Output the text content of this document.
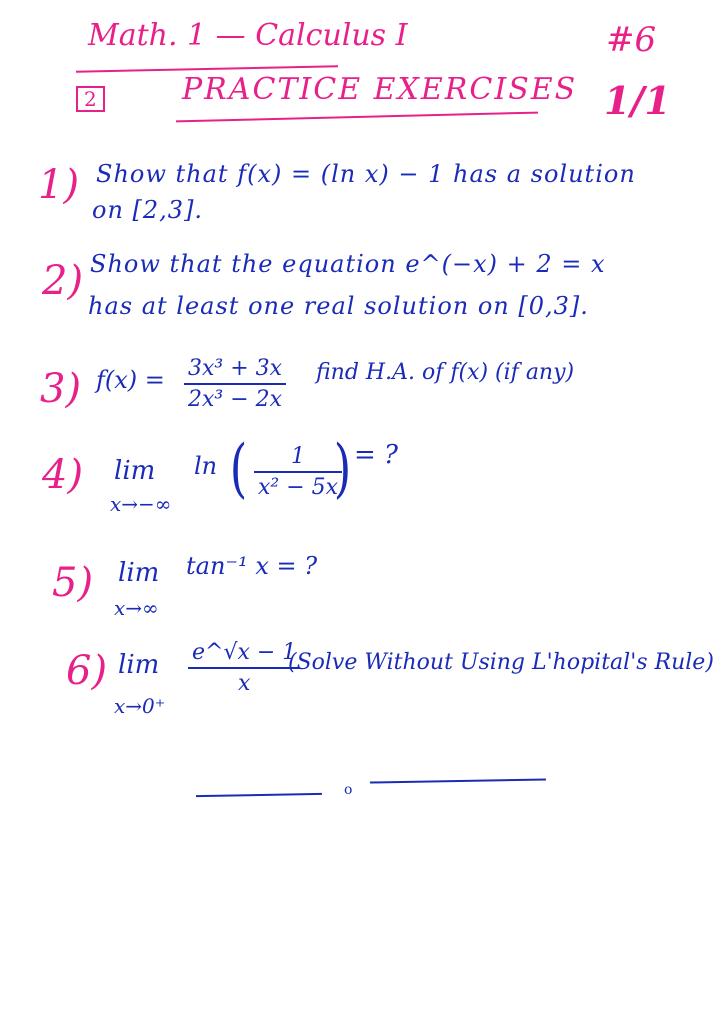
Math. 1 — Calculus I	#6
2	PRACTICE EXERCISES 1/1
1) Show that f(x) = (ln x) − 1 has a solution
on [2,3].
2) Show that the equation e^(−x) + 2 = x
has at least one real solution on [0,3].
3) f(x) = 3x³ + 3x
2x³ − 2x
find H.A. of f(x) (if any)
4) lim
x→−∞
ln (	1
x² − 5x
) = ?
5) lim
x→∞
tan⁻¹ x = ?
6) lim
x→0⁺
e^√x − 1
x
(Solve Without Using L'hopital's Rule)
o
